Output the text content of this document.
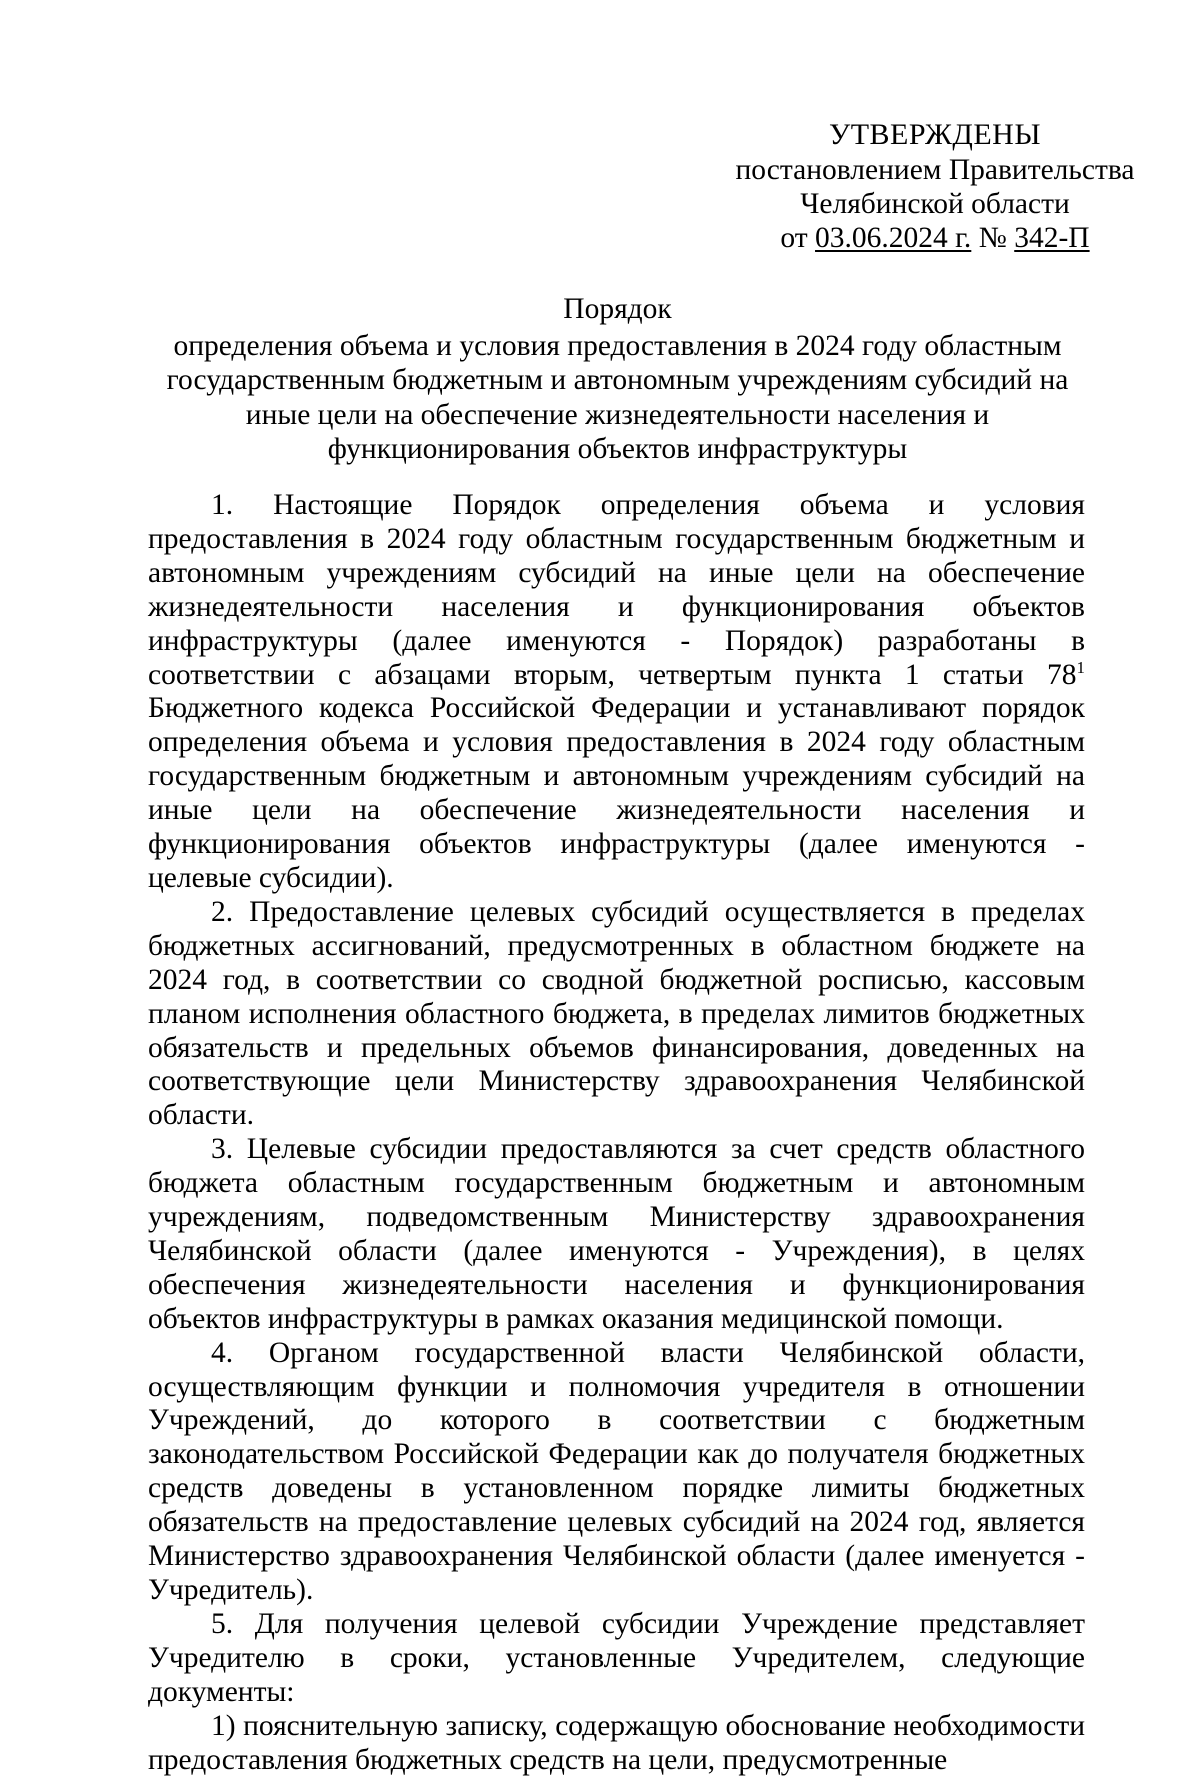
УТВЕРЖДЕНЫ
постановлением Правительства
Челябинской области
от 03.06.2024 г. № 342-П
Порядок
определения объема и условия предоставления в 2024 году областным государственным бюджетным и автономным учреждениям субсидий на иные цели на обеспечение жизнедеятельности населения и функционирования объектов инфраструктуры

1. Настоящие Порядок определения объема и условия предоставления в 2024 году областным государственным бюджетным и автономным учреждениям субсидий на иные цели на обеспечение жизнедеятельности населения и функционирования объектов инфраструктуры (далее именуются - Порядок) разработаны в соответствии с абзацами вторым, четвертым пункта 1 статьи $78^1$ Бюджетного кодекса Российской Федерации и устанавливают порядок определения объема и условия предоставления в 2024 году областным государственным бюджетным и автономным учреждениям субсидий на иные цели на обеспечение жизнедеятельности населения и функционирования объектов инфраструктуры (далее именуются - целевые субсидии).

2. Предоставление целевых субсидий осуществляется в пределах бюджетных ассигнований, предусмотренных в областном бюджете на 2024 год, в соответствии со сводной бюджетной росписью, кассовым планом исполнения областного бюджета, в пределах лимитов бюджетных обязательств и предельных объемов финансирования, доведенных на соответствующие цели Министерству здравоохранения Челябинской области.

3. Целевые субсидии предоставляются за счет средств областного бюджета областным государственным бюджетным и автономным учреждениям, подведомственным Министерству здравоохранения Челябинской области (далее именуются - Учреждения), в целях обеспечения жизнедеятельности населения и функционирования объектов инфраструктуры в рамках оказания медицинской помощи.

4. Органом государственной власти Челябинской области, осуществляющим функции и полномочия учредителя в отношении Учреждений, до которого в соответствии с бюджетным законодательством Российской Федерации как до получателя бюджетных средств доведены в установленном порядке лимиты бюджетных обязательств на предоставление целевых субсидий на 2024 год, является Министерство здравоохранения Челябинской области (далее именуется - Учредитель).

5. Для получения целевой субсидии Учреждение представляет Учредителю в сроки, установленные Учредителем, следующие документы:

1) пояснительную записку, содержащую обоснование необходимости предоставления бюджетных средств на цели, предусмотренные
